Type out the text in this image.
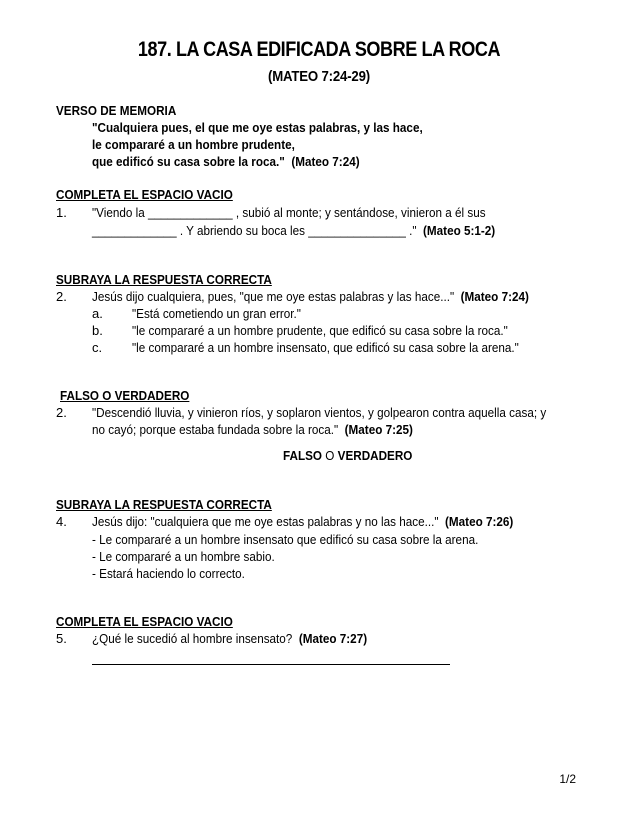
187. LA CASA EDIFICADA SOBRE LA ROCA
(MATEO 7:24-29)
VERSO DE MEMORIA
"Cualquiera pues, el que me oye estas palabras, y las hace,
le compararé a un hombre prudente,
que edificó su casa sobre la roca." (Mateo 7:24)
COMPLETA EL ESPACIO VACIO
1. "Viendo la _____________ , subió al monte; y sentándose, vinieron a él sus
_____________ . Y abriendo su boca les _______________ ." (Mateo 5:1-2)
SUBRAYA LA RESPUESTA CORRECTA
2. Jesús dijo cualquiera, pues, "que me oye estas palabras y las hace..." (Mateo 7:24)
a. "Está cometiendo un gran error."
b. "le compararé a un hombre prudente, que edificó su casa sobre la roca."
c. "le compararé a un hombre insensato, que edificó su casa sobre la arena."
FALSO O VERDADERO
2. "Descendió lluvia, y vinieron ríos, y soplaron vientos, y golpearon contra aquella casa; y
no cayó; porque estaba fundada sobre la roca." (Mateo 7:25)
FALSO O VERDADERO
SUBRAYA LA RESPUESTA CORRECTA
4. Jesús dijo: "cualquiera que me oye estas palabras y no las hace..." (Mateo 7:26)
- Le compararé a un hombre insensato que edificó su casa sobre la arena.
- Le compararé a un hombre sabio.
- Estará haciendo lo correcto.
COMPLETA EL ESPACIO VACIO
5. ¿Qué le sucedió al hombre insensato? (Mateo 7:27)
1/2
